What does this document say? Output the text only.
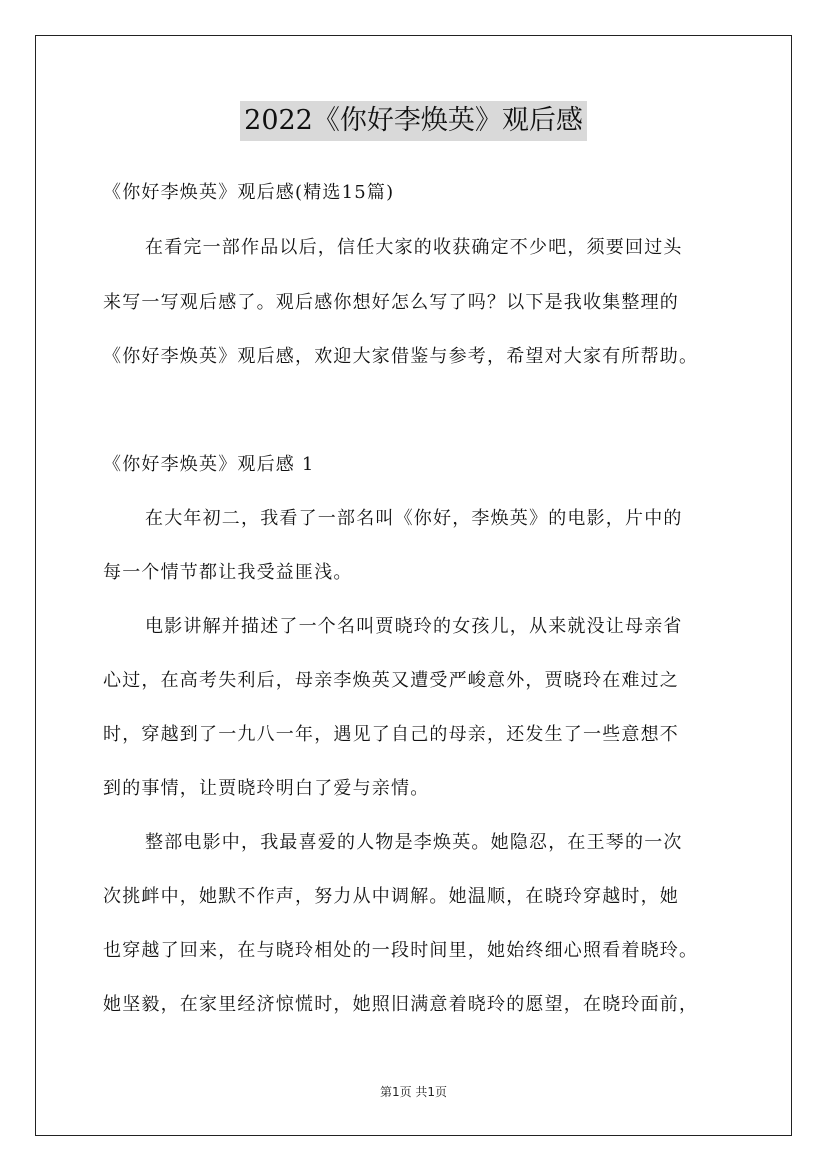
2022《你好李焕英》观后感
《你好李焕英》观后感(精选15篇)
在看完一部作品以后，信任大家的收获确定不少吧，须要回过头
来写一写观后感了。观后感你想好怎么写了吗？以下是我收集整理的
《你好李焕英》观后感，欢迎大家借鉴与参考，希望对大家有所帮助。
《你好李焕英》观后感 1
在大年初二，我看了一部名叫《你好，李焕英》的电影，片中的
每一个情节都让我受益匪浅。
电影讲解并描述了一个名叫贾晓玲的女孩儿，从来就没让母亲省
心过，在高考失利后，母亲李焕英又遭受严峻意外，贾晓玲在难过之
时，穿越到了一九八一年，遇见了自己的母亲，还发生了一些意想不
到的事情，让贾晓玲明白了爱与亲情。
整部电影中，我最喜爱的人物是李焕英。她隐忍，在王琴的一次
次挑衅中，她默不作声，努力从中调解。她温顺，在晓玲穿越时，她
也穿越了回来，在与晓玲相处的一段时间里，她始终细心照看着晓玲。
她坚毅，在家里经济惊慌时，她照旧满意着晓玲的愿望，在晓玲面前，
第1页 共1页
